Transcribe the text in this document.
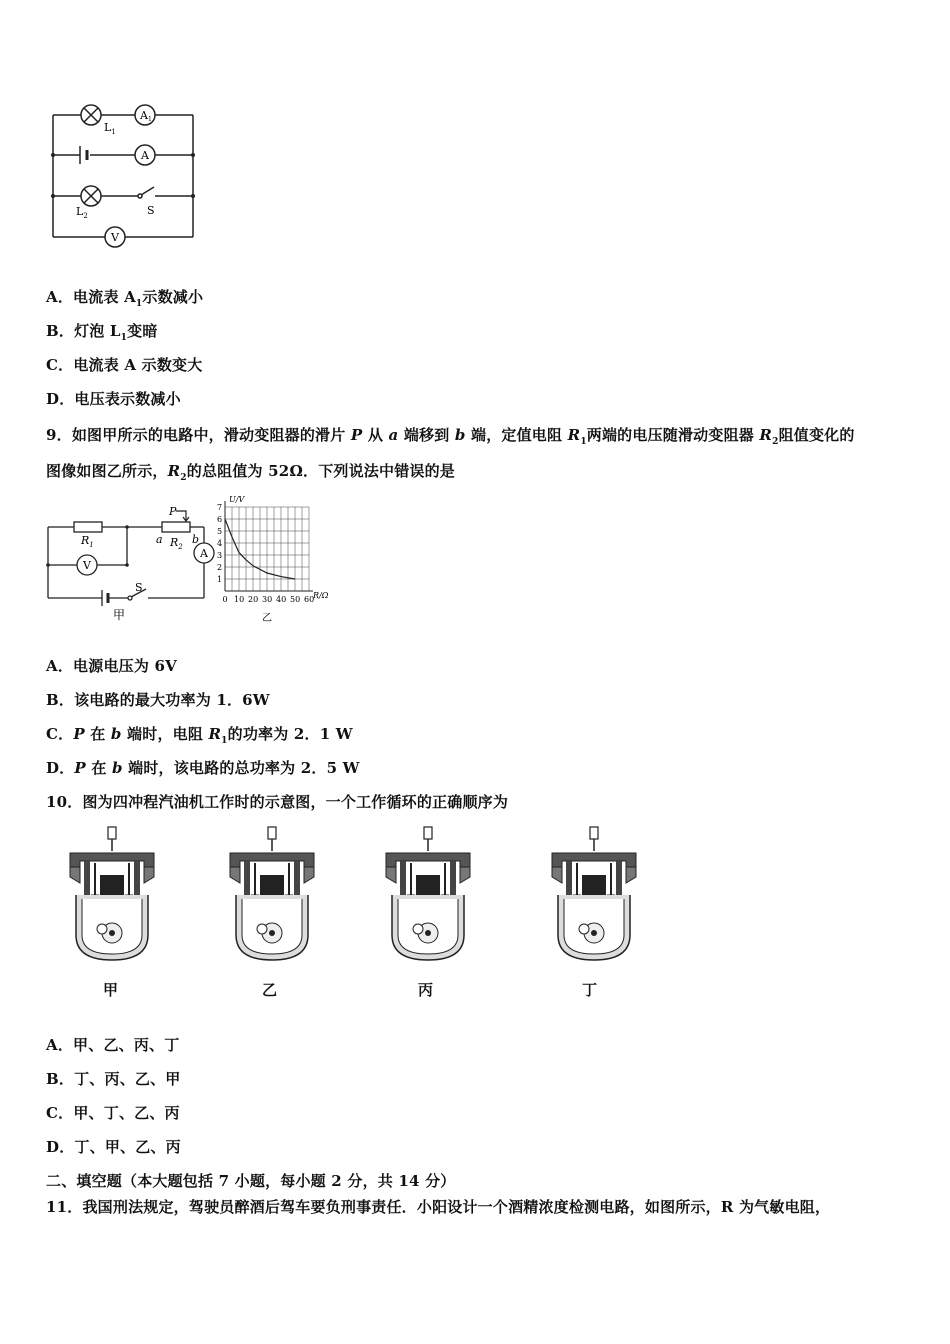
$L_1$
A1
A
$L_2$	S
V
A．电流表 $A_1$示数减小
B．灯泡 $L_1$变暗
C．电流表 A 示数变大
D．电压表示数减小
9．如图甲所示的电路中，滑动变阻器的滑片 P 从 a 端移到 b 端，定值电阻 $R_1$两端的电压随滑动变阻器 $R_2$阻值变化的
图像如图乙所示，$R_2$的总阻值为 52Ω．下列说法中错误的是
$R_1$
P
a	b
$R_2$ A
V
S
甲
0 10 20 30 40 50 60
1
2
3
4
5
6
7
U/V
R/Ω
乙
A．电源电压为 6V
B．该电路的最大功率为 1．6W
C．P 在 b 端时，电阻 $R_1$的功率为 2．1 W
D．P 在 b 端时，该电路的总功率为 2．5 W
10．图为四冲程汽油机工作时的示意图，一个工作循环的正确顺序为
甲	乙	丙	丁
A．甲、乙、丙、丁
B．丁、丙、乙、甲
C．甲、丁、乙、丙
D．丁、甲、乙、丙
二、填空题（本大题包括 7 小题，每小题 2 分，共 14 分）
11．我国刑法规定，驾驶员醉酒后驾车要负刑事责任．小阳设计一个酒精浓度检测电路，如图所示，R 为气敏电阻，
